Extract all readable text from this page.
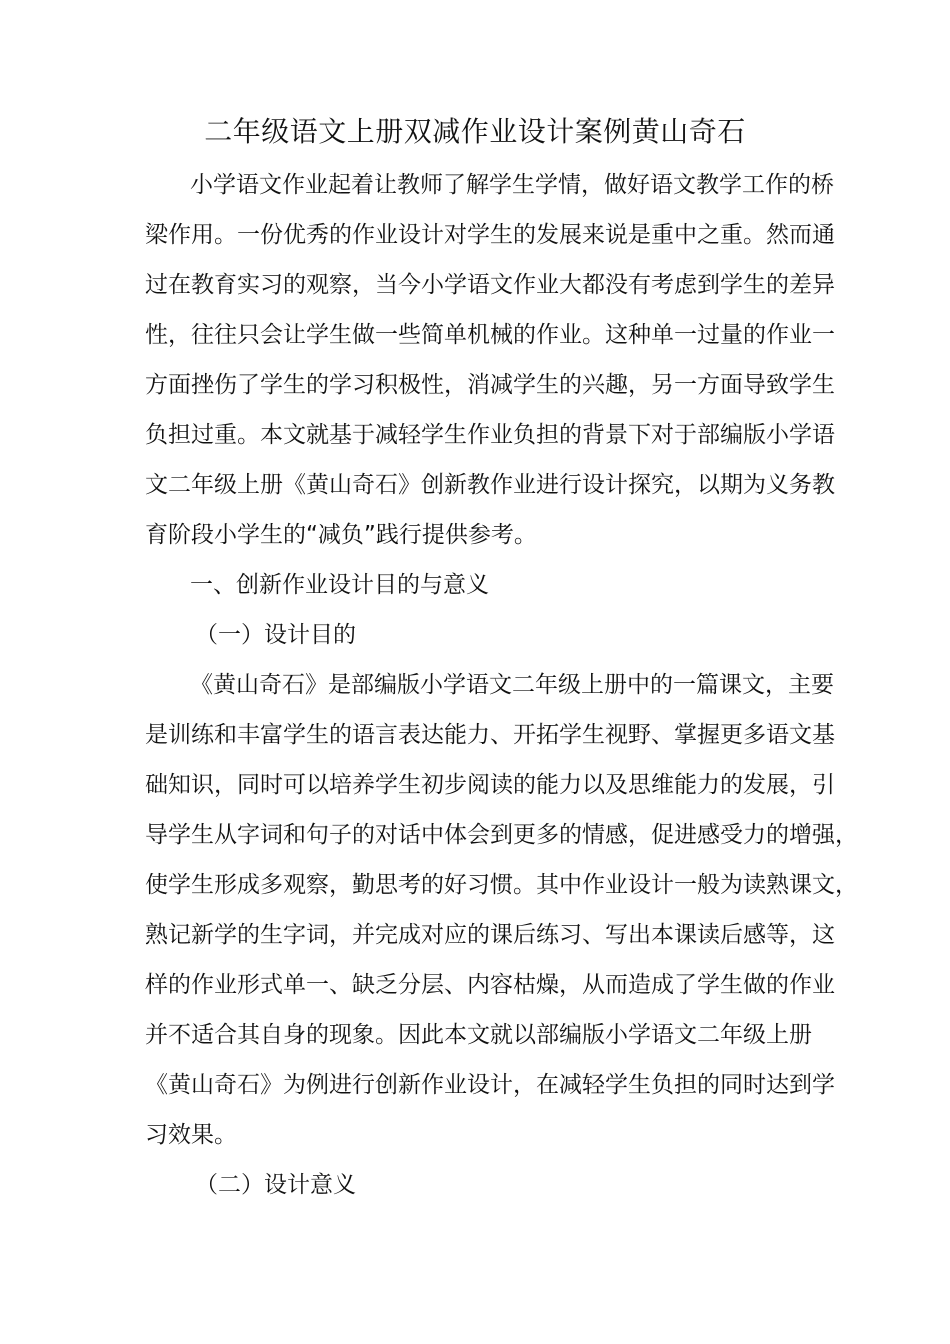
二年级语文上册双减作业设计案例黄山奇石
小学语文作业起着让教师了解学生学情，做好语文教学工作的桥
梁作用。一份优秀的作业设计对学生的发展来说是重中之重。然而通
过在教育实习的观察，当今小学语文作业大都没有考虑到学生的差异
性，往往只会让学生做一些简单机械的作业。这种单一过量的作业一
方面挫伤了学生的学习积极性，消减学生的兴趣，另一方面导致学生
负担过重。本文就基于减轻学生作业负担的背景下对于部编版小学语
文二年级上册《黄山奇石》创新教作业进行设计探究，以期为义务教
育阶段小学生的“减负”践行提供参考。
一、创新作业设计目的与意义
（一）设计目的
《黄山奇石》是部编版小学语文二年级上册中的一篇课文，主要
是训练和丰富学生的语言表达能力、开拓学生视野、掌握更多语文基
础知识，同时可以培养学生初步阅读的能力以及思维能力的发展，引
导学生从字词和句子的对话中体会到更多的情感，促进感受力的增强，
使学生形成多观察，勤思考的好习惯。其中作业设计一般为读熟课文，
熟记新学的生字词，并完成对应的课后练习、写出本课读后感等，这
样的作业形式单一、缺乏分层、内容枯燥，从而造成了学生做的作业
并不适合其自身的现象。因此本文就以部编版小学语文二年级上册
《黄山奇石》为例进行创新作业设计，在减轻学生负担的同时达到学
习效果。
（二）设计意义
